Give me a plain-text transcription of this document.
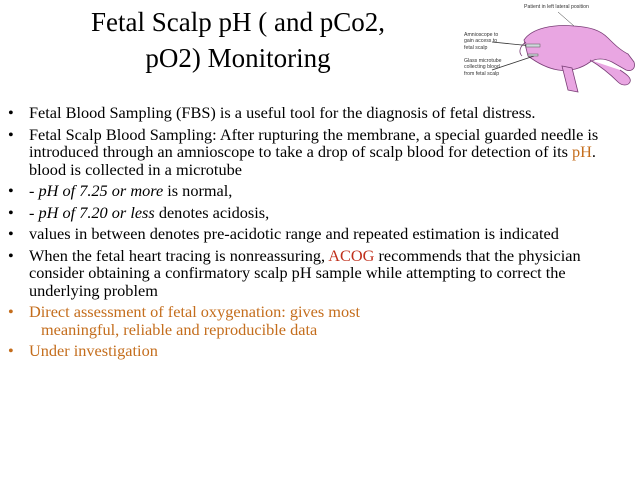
Fetal Scalp pH ( and pCo2,
pO2) Monitoring
Patient in left lateral position
Amnioscope to
gain access to
fetal scalp
Glass microtube
collecting blood
from fetal scalp
• Fetal Blood Sampling (FBS) is a useful tool for the diagnosis of fetal distress.
• Fetal Scalp Blood Sampling: After rupturing the membrane, a special guarded needle is introduced through an amnioscope to take a drop of scalp blood for detection of its pH. blood is collected in a microtube
• - pH of 7.25 or more is normal,
• - pH of 7.20 or less denotes acidosis,
• values in between denotes pre-acidotic range and repeated estimation is indicated
• When the fetal heart tracing is nonreassuring, ACOG recommends that the physician consider obtaining a confirmatory scalp pH sample while attempting to correct the underlying problem
• Direct assessment of fetal oxygenation: gives most
meaningful, reliable and reproducible data
• Under investigation
